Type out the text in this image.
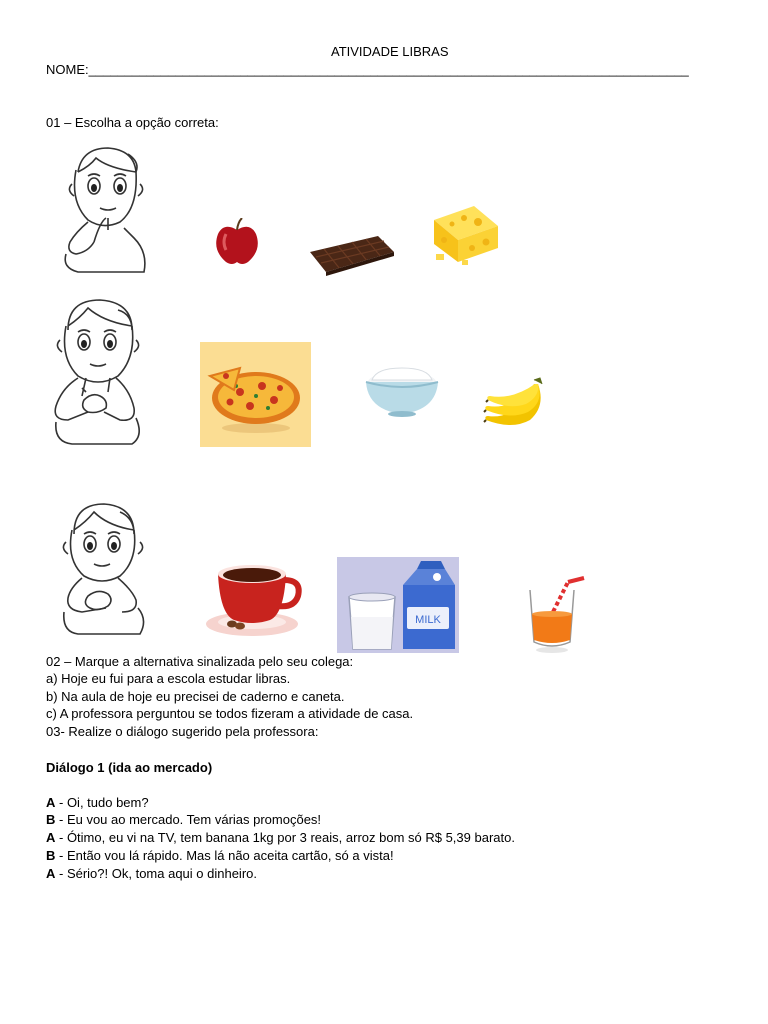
ATIVIDADE LIBRAS
NOME:___________________________________________________________________________________
01 – Escolha a opção correta:
MILK
02 – Marque a alternativa sinalizada pelo seu colega:
a) Hoje eu fui para a escola estudar libras.
b) Na aula de hoje eu precisei de caderno e caneta.
c) A professora perguntou se todos fizeram a atividade de casa.
03- Realize o diálogo sugerido pela professora:
Diálogo 1 (ida ao mercado)
A - Oi, tudo bem?
B - Eu vou ao mercado. Tem várias promoções!
A - Ótimo, eu vi na TV, tem banana 1kg por 3 reais, arroz bom só R$ 5,39 barato.
B - Então vou lá rápido. Mas lá não aceita cartão, só a vista!
A - Sério?! Ok, toma aqui o dinheiro.
